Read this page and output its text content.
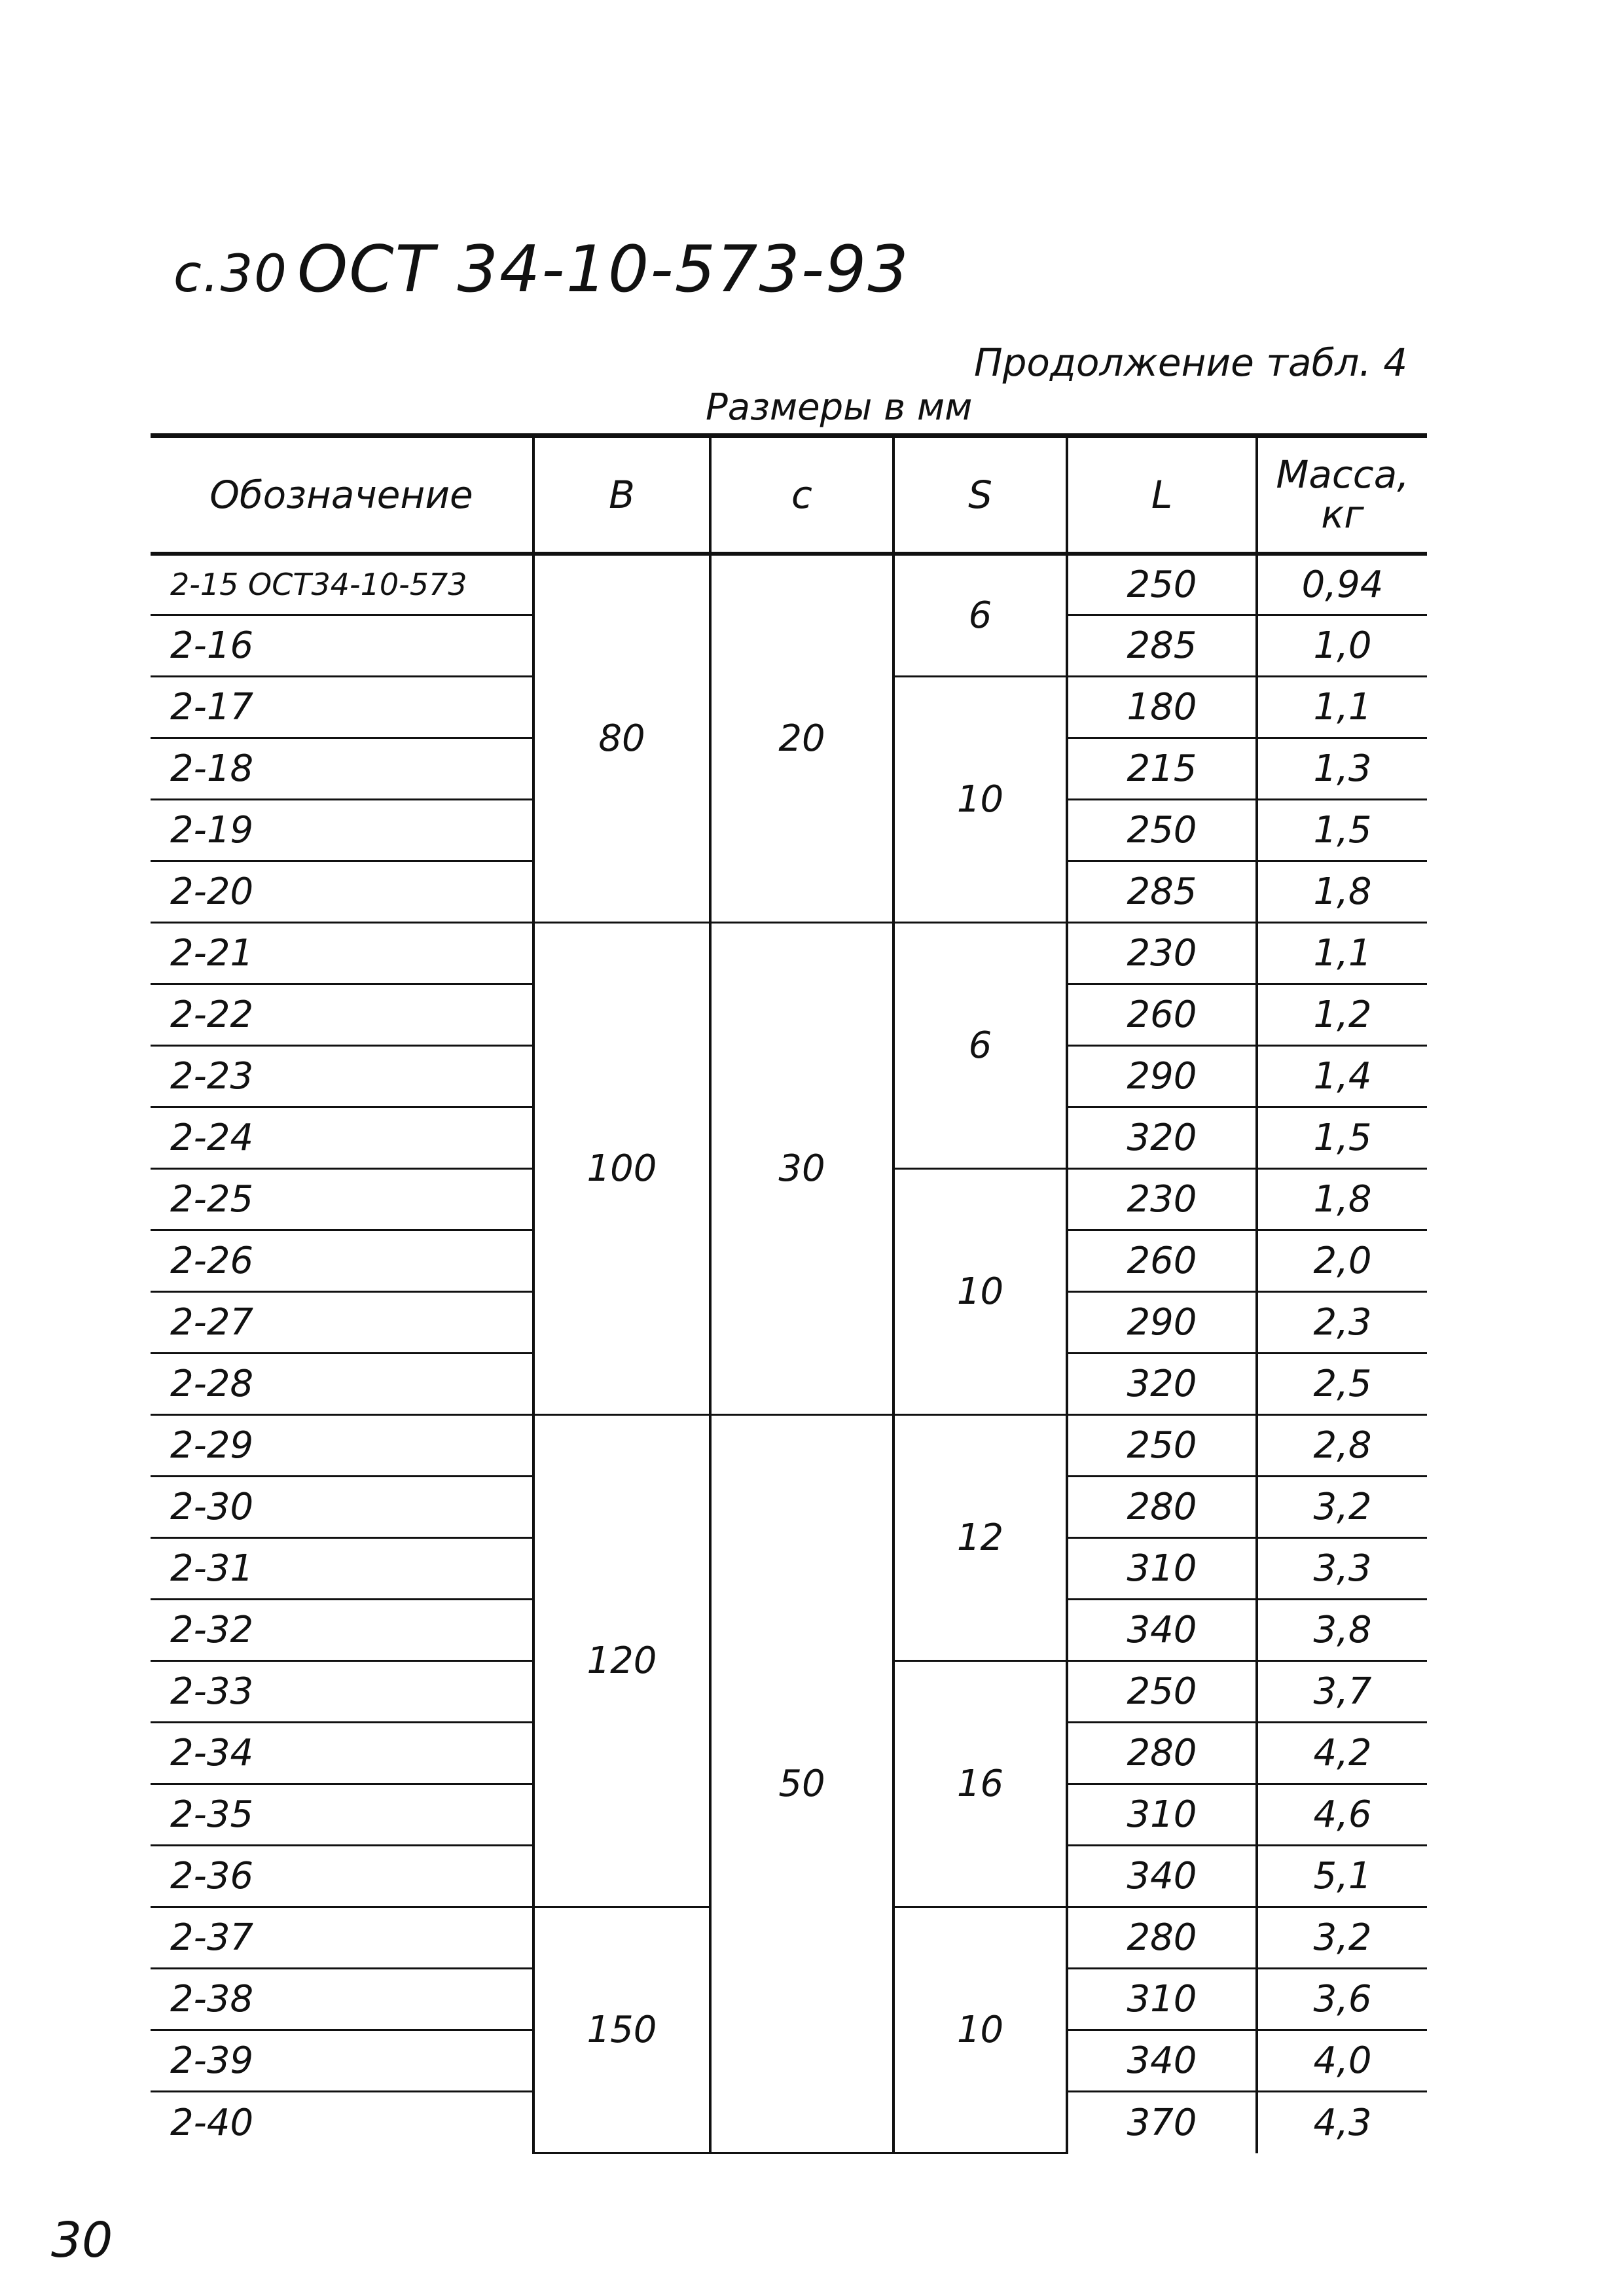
с.30 ОСТ 34-10-573-93
Продолжение табл. 4
Размеры в мм
Обозначение	B	c	S	L	Масса,
кг

2-15 ОСТ34-10-573	80	20	6	250	0,94
2-16				285	1,0
2-17			10	180	1,1
2-18				215	1,3
2-19				250	1,5
2-20				285	1,8
2-21	100	30	6	230	1,1
2-22				260	1,2
2-23				290	1,4
2-24				320	1,5
2-25			10	230	1,8
2-26				260	2,0
2-27				290	2,3
2-28				320	2,5
2-29	120	50	12	250	2,8
2-30				280	3,2
2-31				310	3,3
2-32				340	3,8
2-33			16	250	3,7
2-34				280	4,2
2-35				310	4,6
2-36				340	5,1
2-37	150		10	280	3,2
2-38				310	3,6
2-39				340	4,0
2-40				370	4,3
30
